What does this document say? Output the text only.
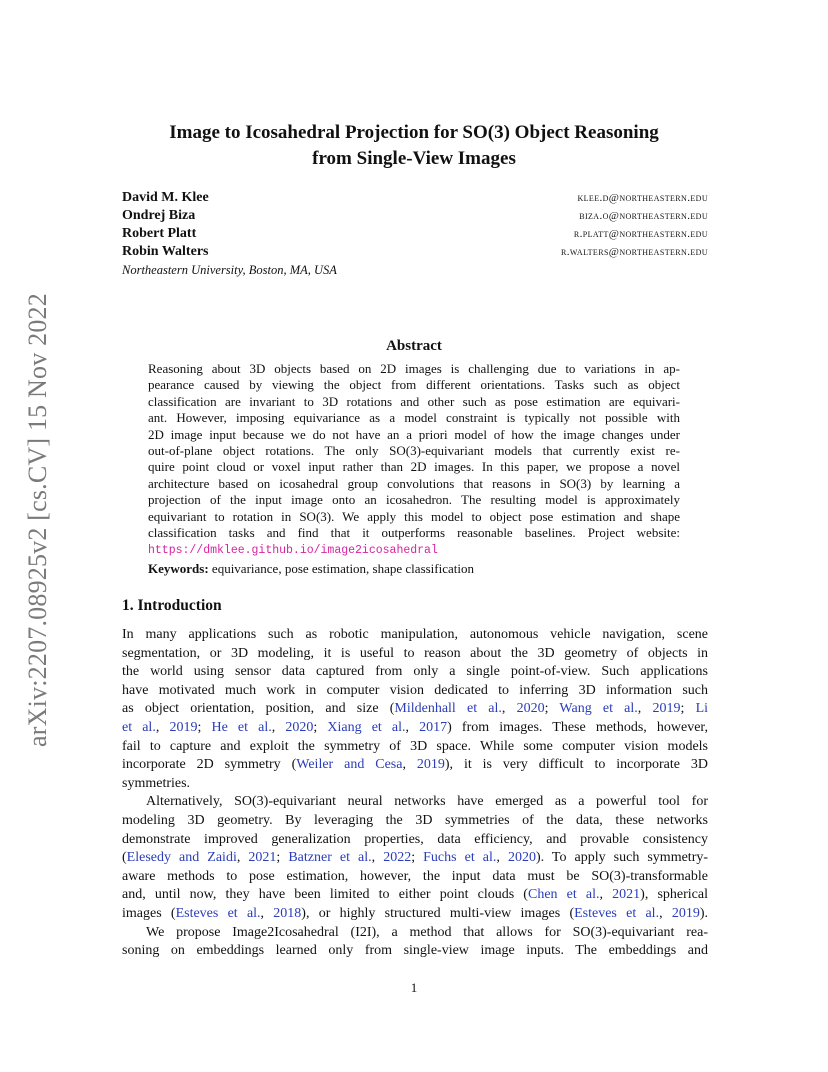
arXiv:2207.08925v2 [cs.CV] 15 Nov 2022
Image to Icosahedral Projection for SO(3) Object Reasoning
from Single-View Images
David M. Klee	klee.d@northeastern.edu
Ondrej Biza	biza.o@northeastern.edu
Robert Platt	r.platt@northeastern.edu
Robin Walters	r.walters@northeastern.edu
Northeastern University, Boston, MA, USA
Abstract
Reasoning about 3D objects based on 2D images is challenging due to variations in ap-
pearance caused by viewing the object from different orientations. Tasks such as object
classification are invariant to 3D rotations and other such as pose estimation are equivari-
ant. However, imposing equivariance as a model constraint is typically not possible with
2D image input because we do not have an a priori model of how the image changes under
out-of-plane object rotations. The only SO(3)-equivariant models that currently exist re-
quire point cloud or voxel input rather than 2D images. In this paper, we propose a novel
architecture based on icosahedral group convolutions that reasons in SO(3) by learning a
projection of the input image onto an icosahedron. The resulting model is approximately
equivariant to rotation in SO(3). We apply this model to object pose estimation and shape
classification tasks and find that it outperforms reasonable baselines. Project website:
https://dmklee.github.io/image2icosahedral
Keywords: equivariance, pose estimation, shape classification
1. Introduction
In many applications such as robotic manipulation, autonomous vehicle navigation, scene
segmentation, or 3D modeling, it is useful to reason about the 3D geometry of objects in
the world using sensor data captured from only a single point-of-view. Such applications
have motivated much work in computer vision dedicated to inferring 3D information such
as object orientation, position, and size (Mildenhall et al., 2020; Wang et al., 2019; Li
et al., 2019; He et al., 2020; Xiang et al., 2017) from images. These methods, however,
fail to capture and exploit the symmetry of 3D space. While some computer vision models
incorporate 2D symmetry (Weiler and Cesa, 2019), it is very difficult to incorporate 3D
symmetries.
Alternatively, SO(3)-equivariant neural networks have emerged as a powerful tool for
modeling 3D geometry. By leveraging the 3D symmetries of the data, these networks
demonstrate improved generalization properties, data efficiency, and provable consistency
(Elesedy and Zaidi, 2021; Batzner et al., 2022; Fuchs et al., 2020). To apply such symmetry-
aware methods to pose estimation, however, the input data must be SO(3)-transformable
and, until now, they have been limited to either point clouds (Chen et al., 2021), spherical
images (Esteves et al., 2018), or highly structured multi-view images (Esteves et al., 2019).
We propose Image2Icosahedral (I2I), a method that allows for SO(3)-equivariant rea-
soning on embeddings learned only from single-view image inputs. The embeddings and
1
